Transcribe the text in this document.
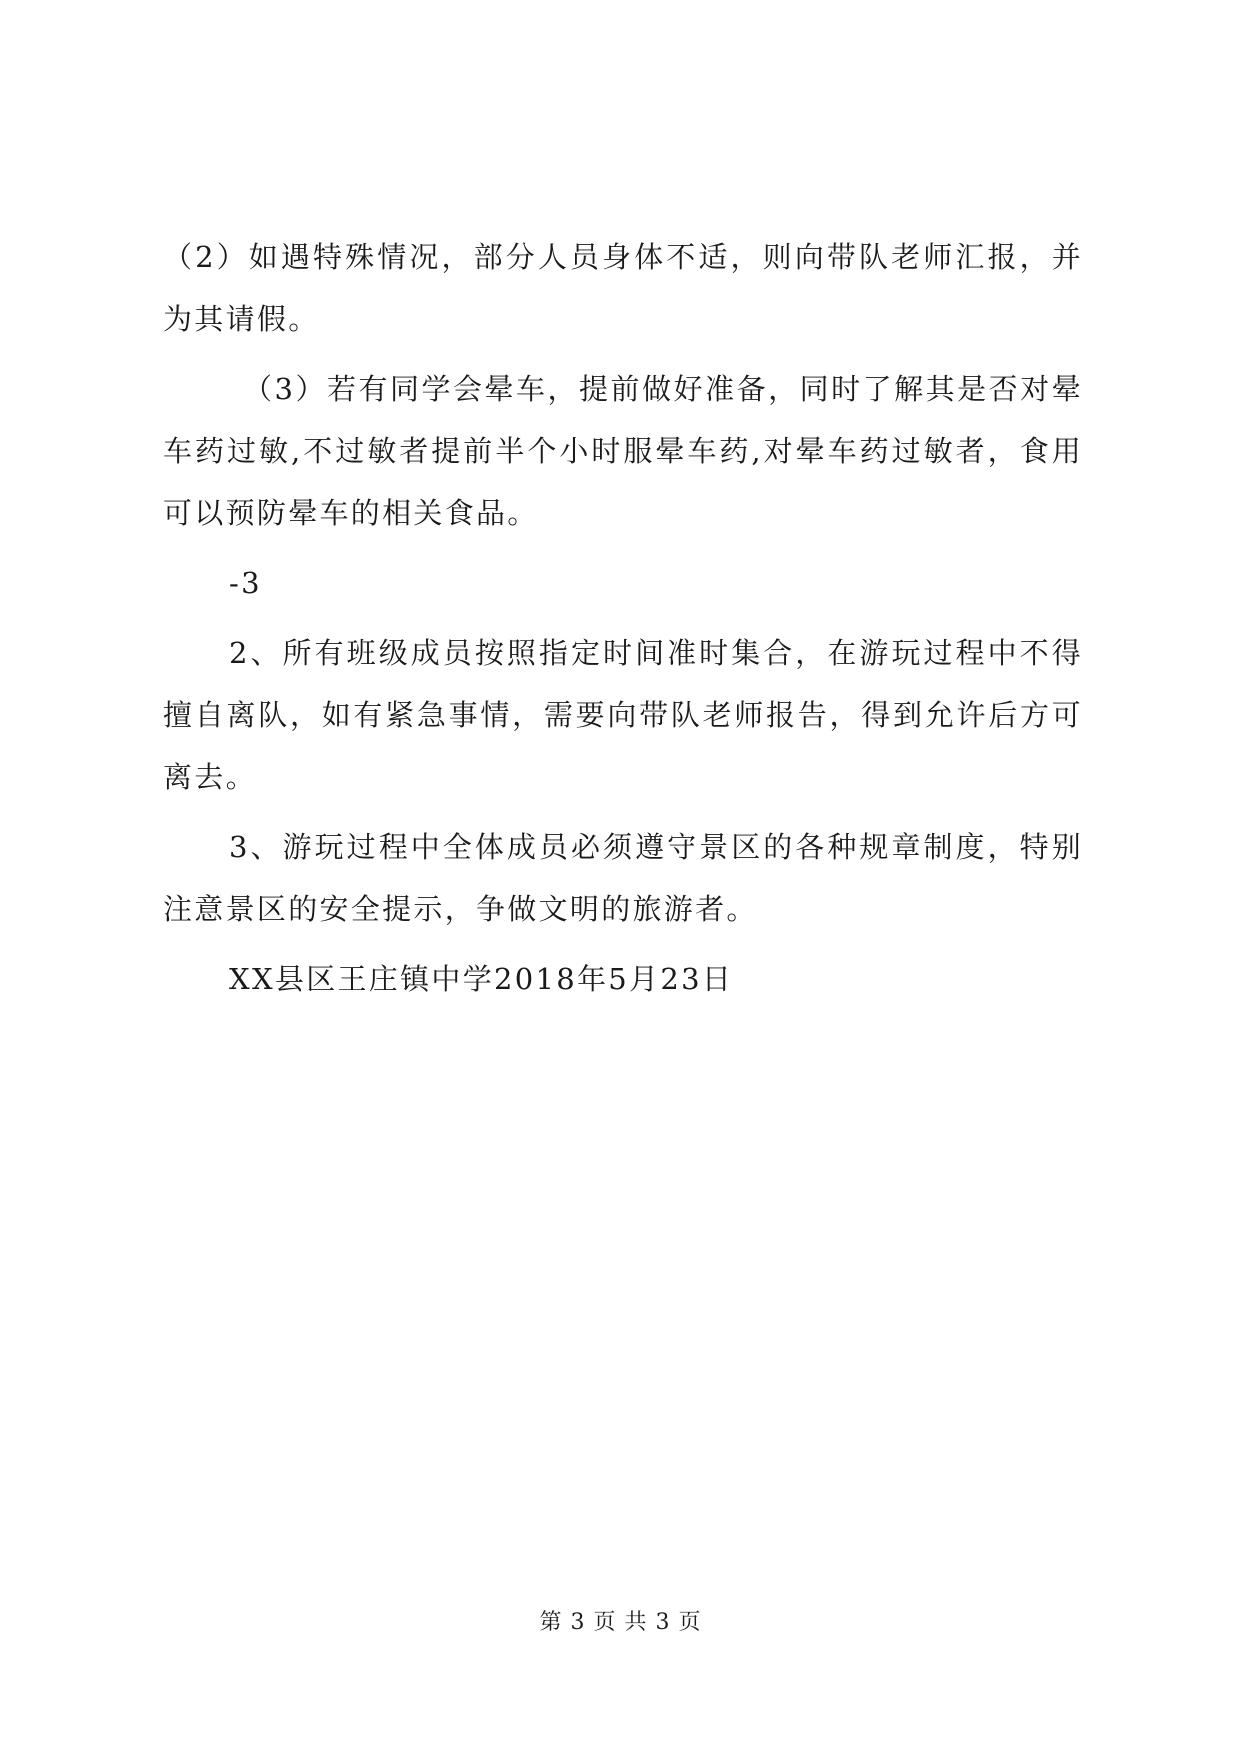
（2）如遇特殊情况，部分人员身体不适，则向带队老师汇报，并为其请假。

（3）若有同学会晕车，提前做好准备，同时了解其是否对晕车药过敏,不过敏者提前半个小时服晕车药,对晕车药过敏者，食用可以预防晕车的相关食品。

-3

2、所有班级成员按照指定时间准时集合，在游玩过程中不得擅自离队，如有紧急事情，需要向带队老师报告，得到允许后方可离去。

3、游玩过程中全体成员必须遵守景区的各种规章制度，特别注意景区的安全提示，争做文明的旅游者。

XX县区王庄镇中学2018年5月23日

第 3 页 共 3 页
